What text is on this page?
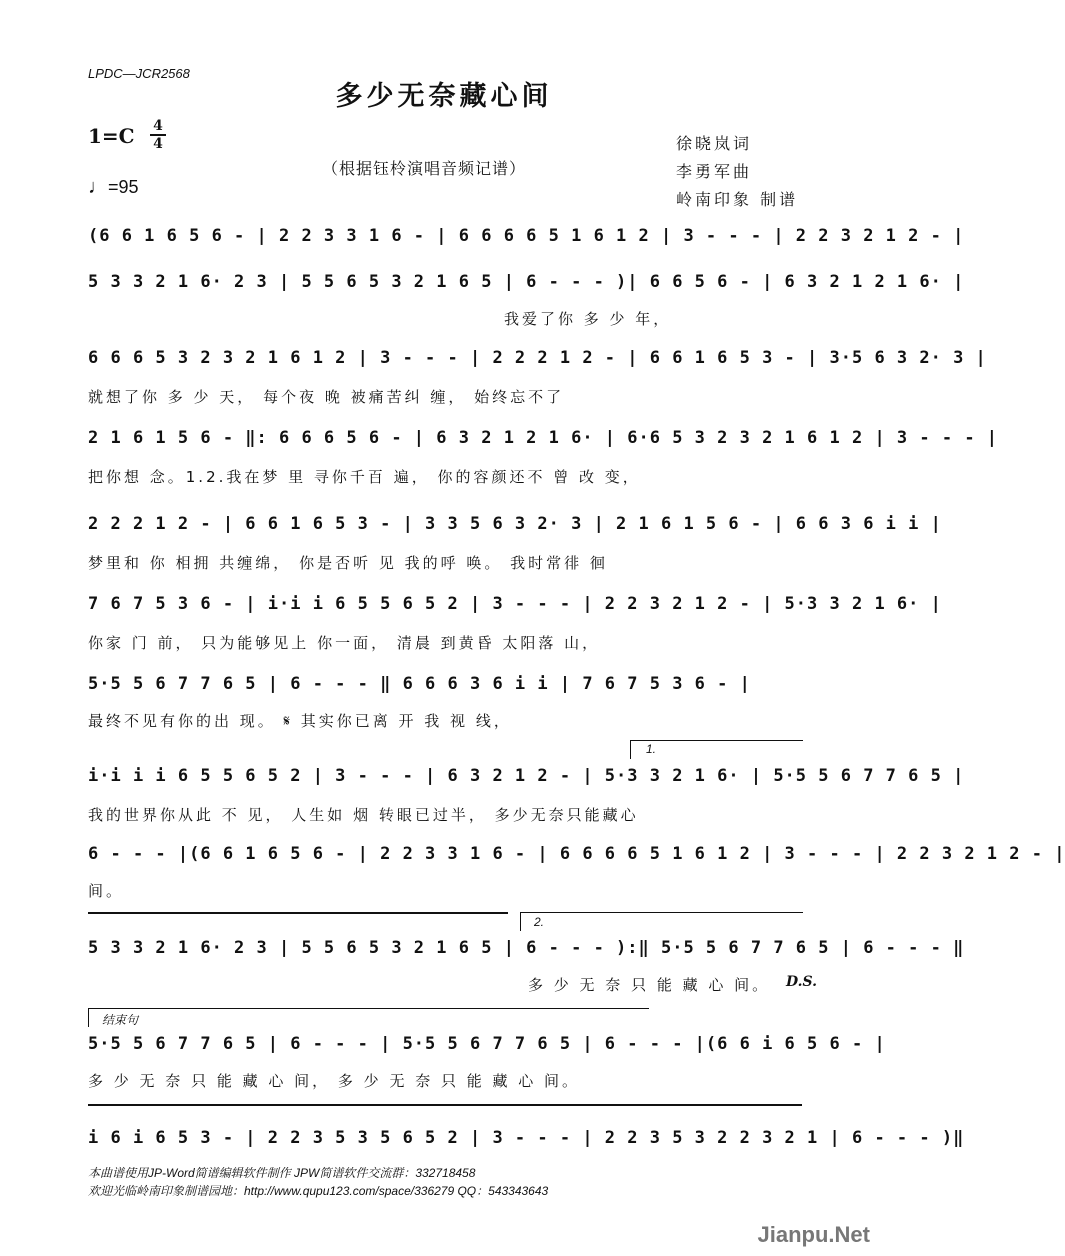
LPDC—JCR2568
多少无奈藏心间
1=C 4
4
♩=95
（根据钰柃演唱音频记谱）
徐晓岚词
李勇军曲
岭南印象 制谱
(6 6 1 6 5 6 - | 2 2 3 3 1 6 - | 6 6 6 6 5 1 6 1 2 | 3 - - - | 2 2 3 2 1 2 - |
5 3 3 2 1 6· 2 3 | 5 5 6 5 3 2 1 6 5 | 6 - - - )| 6 6 5 6 - | 6 3 2 1 2 1 6· |
我爱了你 多 少 年，
6 6 6 5 3 2 3 2 1 6 1 2 | 3 - - - | 2 2 2 1 2 - | 6 6 1 6 5 3 - | 3·5 6 3 2· 3 |
就想了你 多 少 天， 每个夜 晚 被痛苦纠 缠， 始终忘不了
2 1 6 1 5 6 - ‖: 6 6 6 5 6 - | 6 3 2 1 2 1 6· | 6·6 5 3 2 3 2 1 6 1 2 | 3 - - - |
把你想 念。1.2.我在梦 里 寻你千百 遍， 你的容颜还不 曾 改 变，
2 2 2 1 2 - | 6 6 1 6 5 3 - | 3 3 5 6 3 2· 3 | 2 1 6 1 5 6 - | 6 6 3 6 i i |
梦里和 你 相拥 共缠绵， 你是否听 见 我的呼 唤。 我时常徘 徊
7 6 7 5 3 6 - | i·i i 6 5 5 6 5 2 | 3 - - - | 2 2 3 2 1 2 - | 5·3 3 2 1 6· |
你家 门 前， 只为能够见上 你一面， 清晨 到黄昏 太阳落 山，
5·5 5 6 7 7 6 5 | 6 - - - ‖ 6 6 6 3 6 i i | 7 6 7 5 3 6 - |
最终不见有你的出 现。 𝄋 其实你已离 开 我 视 线，
1.
i·i i i 6 5 5 6 5 2 | 3 - - - | 6 3 2 1 2 - | 5·3 3 2 1 6· | 5·5 5 6 7 7 6 5 |
我的世界你从此 不 见， 人生如 烟 转眼已过半， 多少无奈只能藏心
6 - - - |(6 6 1 6 5 6 - | 2 2 3 3 1 6 - | 6 6 6 6 5 1 6 1 2 | 3 - - - | 2 2 3 2 1 2 - |
间。
2.
5 3 3 2 1 6· 2 3 | 5 5 6 5 3 2 1 6 5 | 6 - - - ):‖ 5·5 5 6 7 7 6 5 | 6 - - - ‖
多 少 无 奈 只 能 藏 心 间。 D.S.
结束句
5·5 5 6 7 7 6 5 | 6 - - - | 5·5 5 6 7 7 6 5 | 6 - - - |(6 6 i 6 5 6 - |
多 少 无 奈 只 能 藏 心 间， 多 少 无 奈 只 能 藏 心 间。
i 6 i 6 5 3 - | 2 2 3 5 3 5 6 5 2 | 3 - - - | 2 2 3 5 3 2 2 3 2 1 | 6 - - - )‖
本曲谱使用JP-Word简谱编辑软件制作 JPW简谱软件交流群：332718458
欢迎光临岭南印象制谱园地：http://www.qupu123.com/space/336279 QQ：543343643
Jianpu.Net
